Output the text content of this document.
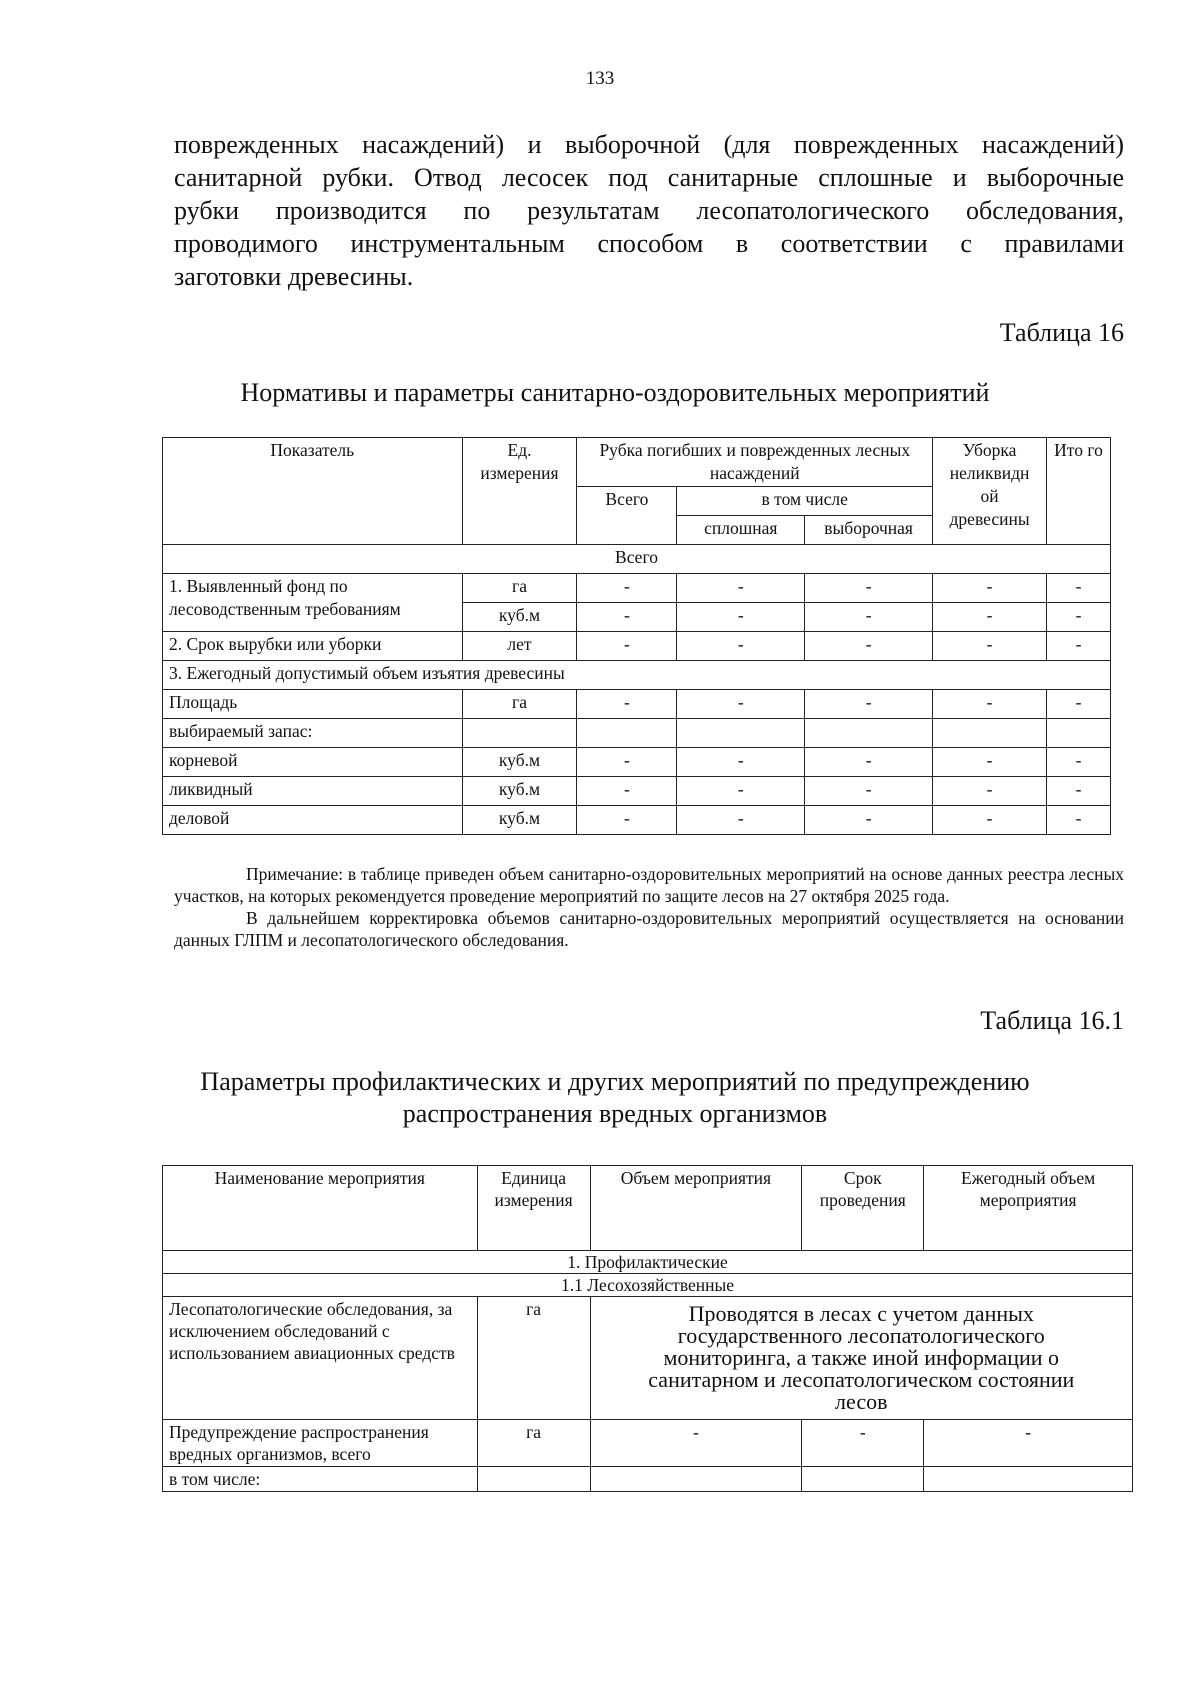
133
поврежденных насаждений) и выборочной (для поврежденных насаждений)
санитарной рубки. Отвод лесосек под санитарные сплошные и выборочные
рубки производится по результатам лесопатологического обследования,
проводимого инструментальным способом в соответствии с правилами
заготовки древесины.
Таблица 16
Нормативы и параметры санитарно-оздоровительных мероприятий
Показатель	Ед. измерения	Рубка погибших и поврежденных лесных насаждений			Уборка неликвидн ой древесины	Ито го
		Всего	в том числе			
			сплошная	выборочная		
Всего						
1. Выявленный фонд по лесоводственным требованиям	га	-	-	-	-	-
	куб.м	-	-	-	-	-
2. Срок вырубки или уборки	лет	-	-	-	-	-
3. Ежегодный допустимый объем изъятия древесины						
Площадь	га	-	-	-	-	-
выбираемый запас:						
корневой	куб.м	-	-	-	-	-
ликвидный	куб.м	-	-	-	-	-
деловой	куб.м	-	-	-	-	-

Примечание: в таблице приведен объем санитарно-оздоровительных мероприятий на основе данных реестра лесных участков, на которых рекомендуется проведение мероприятий по защите лесов на 27 октября 2025 года.

В дальнейшем корректировка объемов санитарно-оздоровительных мероприятий осуществляется на основании данных ГЛПМ и лесопатологического обследования.

Таблица 16.1
Параметры профилактических и других мероприятий по предупреждению
распространения вредных организмов
Наименование мероприятия	Единица измерения	Объем мероприятия	Срок проведения	Ежегодный объем мероприятия
1. Профилактические				
1.1 Лесохозяйственные				
Лесопатологические обследования, за исключением обследований с использованием авиационных средств	га	Проводятся в лесах с учетом данных государственного лесопатологического мониторинга, а также иной информации о санитарном и лесопатологическом состоянии лесов		
Предупреждение распространения вредных организмов, всего	га	-	-	-
в том числе:				
